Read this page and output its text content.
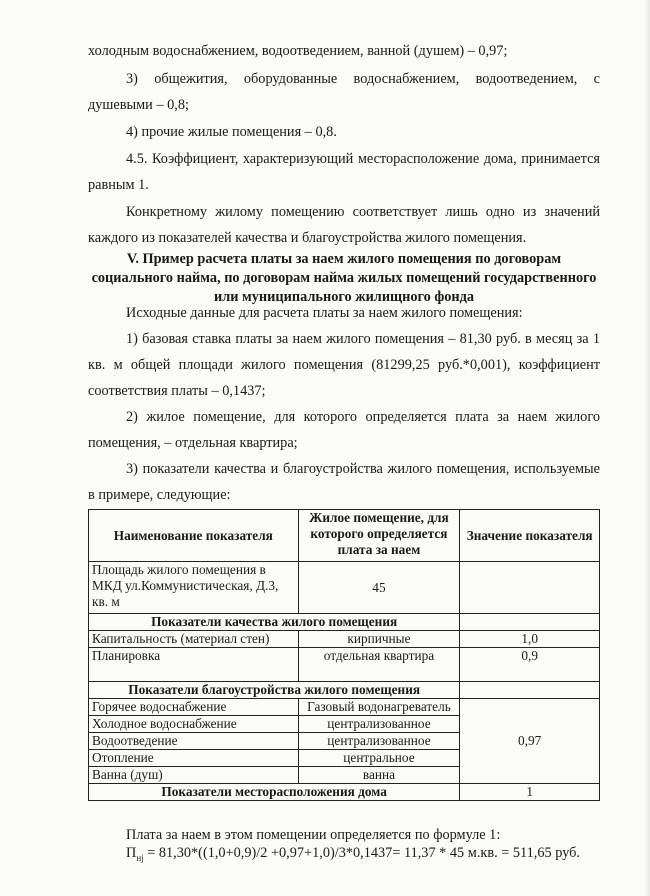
холодным водоснабжением, водоотведением, ванной (душем) – 0,97;

3) общежития, оборудованные водоснабжением, водоотведением, с душевыми – 0,8;

4) прочие жилые помещения – 0,8.

4.5. Коэффициент, характеризующий месторасположение дома, принимается равным 1.

Конкретному жилому помещению соответствует лишь одно из значений каждого из показателей качества и благоустройства жилого помещения.

V. Пример расчета платы за наем жилого помещения по договорам социального найма, по договорам найма жилых помещений государственного или муниципального жилищного фонда

Исходные данные для расчета платы за наем жилого помещения:

1) базовая ставка платы за наем жилого помещения – 81,30 руб. в месяц за 1 кв. м общей площади жилого помещения (81299,25 руб.*0,001), коэффициент соответствия платы – 0,1437;

2) жилое помещение, для которого определяется плата за наем жилого помещения, – отдельная квартира;

3) показатели качества и благоустройства жилого помещения, используемые в примере, следующие:

Наименование показателя	Жилое помещение, для которого определяется плата за наем	Значение показателя
Площадь жилого помещения в МКД ул.Коммунистическая, Д.3, кв. м	45	
Показатели качества жилого помещения		
Капитальность (материал стен)	кирпичные	1,0
Планировка	отдельная квартира	0,9
Показатели благоустройства жилого помещения		
Горячее водоснабжение	Газовый водонагреватель	0,97
Холодное водоснабжение	централизованное	
Водоотведение	централизованное	
Отопление	центральное	
Ванна (душ)	ванна	
Показатели месторасположения дома		1
Плата за наем в этом помещении определяется по формуле 1:
$П_{нj} = 81,30*((1,0+0,9)/2 +0,97+1,0)/3*0,1437= 11,37 * 45$ м.кв. = 511,65 руб.
